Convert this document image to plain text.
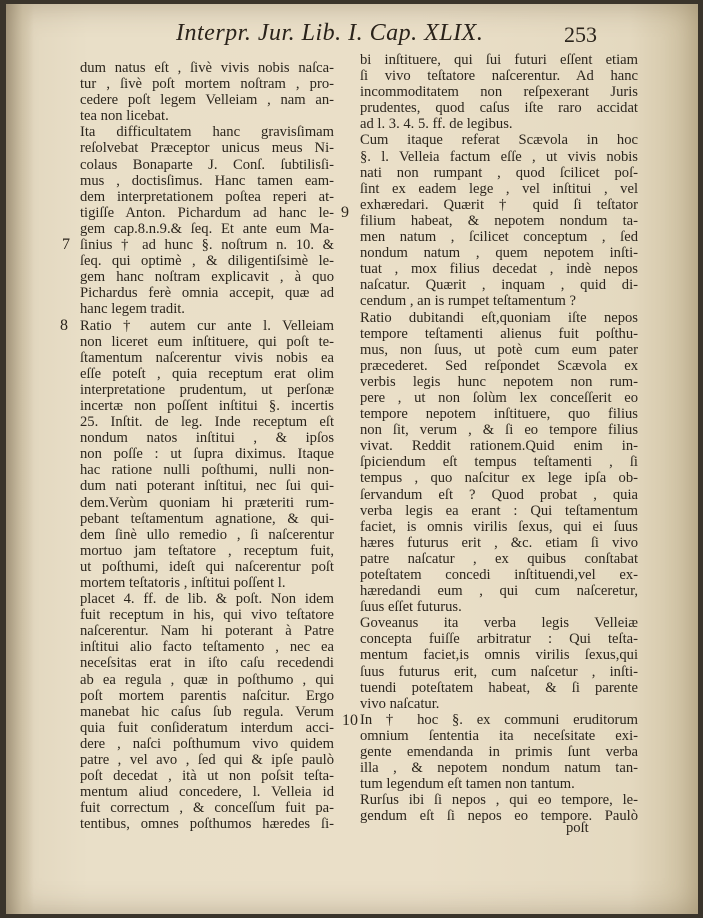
Interpr. Jur. Lib. I. Cap. XLIX.	253
dum natus eſt , ſivè vivis nobis naſca-
tur , ſivè poſt mortem noſtram , pro-
cedere poſt legem Velleiam , nam an-
tea non licebat.
Ita difficultatem hanc gravisſimam
reſolvebat Præceptor unicus meus Ni-
colaus Bonaparte J. Conſ. ſubtilisſi-
mus , doctisſimus. Hanc tamen eam-
dem interpretationem poſtea reperi at-
tigiſſe Anton. Pichardum ad hanc le-
gem cap.8.n.9.& ſeq. Et ante eum Ma-
ſinius † ad hunc §. noſtrum n. 10. &
ſeq. qui optimè , & diligentiſsimè le-
gem hanc noſtram explicavit , à quo
Pichardus ferè omnia accepit, quæ ad
hanc legem tradit.
Ratio † autem cur ante l. Velleiam
non liceret eum inſtituere, qui poſt te-
ſtamentum naſcerentur vivis nobis ea
eſſe poteſt , quia receptum erat olim
interpretatione prudentum, ut perſonæ
incertæ non poſſent inſtitui §. incertis
25. Inſtit. de leg. Inde receptum eſt
nondum natos inſtitui , & ipſos
non poſſe : ut ſupra diximus. Itaque
hac ratione nulli poſthumi, nulli non-
dum nati poterant inſtitui, nec ſui qui-
dem.Verùm quoniam hi præteriti rum-
pebant teſtamentum agnatione, & qui-
dem ſinè ullo remedio , ſi naſcerentur
mortuo jam teſtatore , receptum fuit,
ut poſthumi, ideſt qui naſcerentur poſt
mortem teſtatoris , inſtitui poſſent l.
placet 4. ff. de lib. & poſt. Non idem
fuit receptum in his, qui vivo teſtatore
naſcerentur. Nam hi poterant à Patre
inſtitui alio facto teſtamento , nec ea
neceſsitas erat in iſto caſu recedendi
ab ea regula , quæ in poſthumo , qui
poſt mortem parentis naſcitur. Ergo
manebat hic caſus ſub regula. Verum
quia fuit conſideratum interdum acci-
dere , naſci poſthumum vivo quidem
patre , vel avo , ſed qui & ipſe paulò
poſt decedat , ità ut non poſsit teſta-
mentum aliud concedere, l. Velleia id
fuit correctum , & conceſſum fuit pa-
tentibus, omnes poſthumos hæredes ſi-
bi inſtituere, qui ſui futuri eſſent etiam
ſi vivo teſtatore naſcerentur. Ad hanc
incommoditatem non reſpexerant Juris
prudentes, quod caſus iſte raro accidat
ad l. 3. 4. 5. ff. de legibus.
Cum itaque referat Scævola in hoc
§. l. Velleia factum eſſe , ut vivis nobis
nati non rumpant , quod ſcilicet poſ-
ſint ex eadem lege , vel inſtitui , vel
exhæredari. Quærit † quid ſi teſtator
filium habeat, & nepotem nondum ta-
men natum , ſcilicet conceptum , ſed
nondum natum , quem nepotem inſti-
tuat , mox filius decedat , indè nepos
naſcatur. Quærit , inquam , quid di-
cendum , an is rumpet teſtamentum ?
Ratio dubitandi eſt,quoniam iſte nepos
tempore teſtamenti alienus fuit poſthu-
mus, non ſuus, ut potè cum eum pater
præcederet. Sed reſpondet Scævola ex
verbis legis hunc nepotem non rum-
pere , ut non ſolùm lex conceſſerit eo
tempore nepotem inſtituere, quo filius
non ſit, verum , & ſi eo tempore filius
vivat. Reddit rationem.Quid enim in-
ſpiciendum eſt tempus teſtamenti , ſi
tempus , quo naſcitur ex lege ipſa ob-
ſervandum eſt ? Quod probat , quia
verba legis ea erant : Qui teſtamentum
faciet, is omnis virilis ſexus, qui ei ſuus
hæres futurus erit , &c. etiam ſi vivo
patre naſcatur , ex quibus conſtabat
poteſtatem concedi inſtituendi,vel ex-
hæredandi eum , qui cum naſceretur,
ſuus eſſet futurus.
Goveanus ita verba legis Velleiæ
concepta fuiſſe arbitratur : Qui teſta-
mentum faciet,is omnis virilis ſexus,qui
ſuus futurus erit, cum naſcetur , inſti-
tuendi poteſtatem habeat, & ſi parente
vivo naſcatur.
In † hoc §. ex communi eruditorum
omnium ſententia ita neceſsitate exi-
gente emendanda in primis ſunt verba
illa , & nepotem nondum natum tan-
tum legendum eſt tamen non tantum.
Rurſus ibi ſi nepos , qui eo tempore, le-
gendum eſt ſi nepos eo tempore. Paulò
7
8
9
10
poſt
